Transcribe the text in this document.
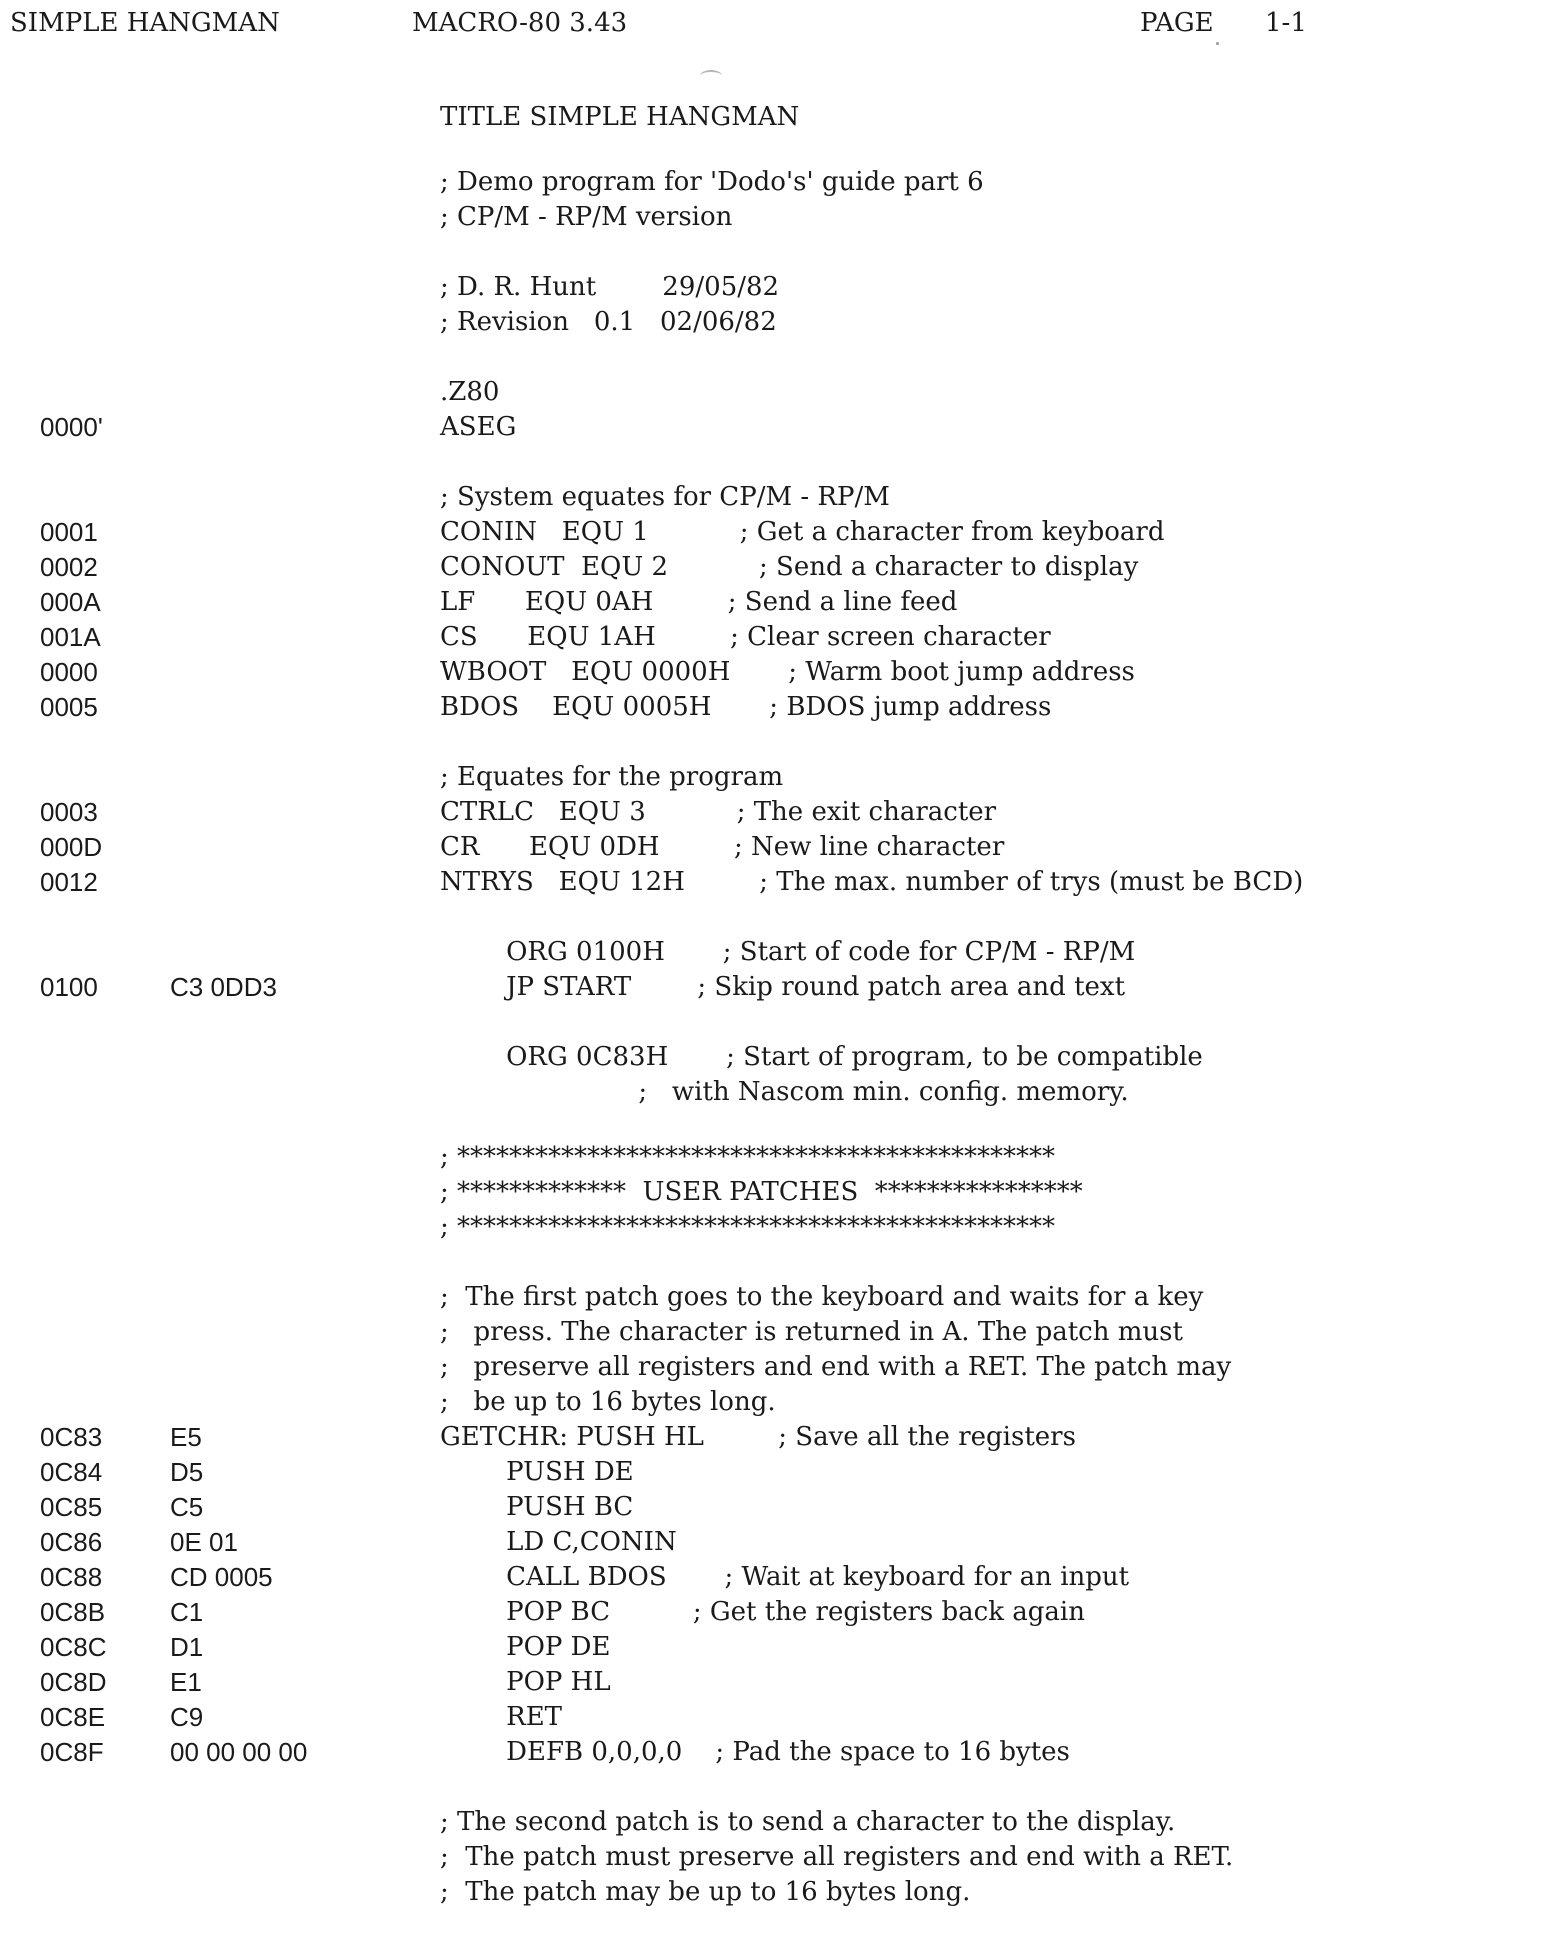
SIMPLE HANGMAN	MACRO-80 3.43	PAGE 1-1
TITLE SIMPLE HANGMAN
; Demo program for 'Dodo's' guide part 6
; CP/M - RP/M version
; D. R. Hunt        29/05/82
; Revision   0.1   02/06/82
.Z80
0000'	ASEG
; System equates for CP/M - RP/M
0001	CONIN   EQU 1           ; Get a character from keyboard
0002	CONOUT  EQU 2           ; Send a character to display
000A	LF      EQU 0AH         ; Send a line feed
001A	CS      EQU 1AH         ; Clear screen character
0000	WBOOT   EQU 0000H       ; Warm boot jump address
0005	BDOS    EQU 0005H       ; BDOS jump address
; Equates for the program
0003	CTRLC   EQU 3           ; The exit character
000D	CR      EQU 0DH         ; New line character
0012	NTRYS   EQU 12H         ; The max. number of trys (must be BCD)
ORG 0100H       ; Start of code for CP/M - RP/M
0100	C3 0DD3	JP START        ; Skip round patch area and text
ORG 0C83H       ; Start of program, to be compatible
;   with Nascom min. config. memory.
; **********************************************
; *************  USER PATCHES  ****************
; **********************************************
;  The first patch goes to the keyboard and waits for a key
;   press. The character is returned in A. The patch must
;   preserve all registers and end with a RET. The patch may
;   be up to 16 bytes long.
0C83	E5	GETCHR: PUSH HL         ; Save all the registers
0C84	D5	PUSH DE
0C85	C5	PUSH BC
0C86	0E 01	LD C,CONIN
0C88	CD 0005	CALL BDOS       ; Wait at keyboard for an input
0C8B C1	POP BC          ; Get the registers back again
0C8C D1	POP DE
0C8D E1	POP HL
0C8E C9	RET
0C8F	00 00 00 00	DEFB 0,0,0,0    ; Pad the space to 16 bytes
; The second patch is to send a character to the display.
;  The patch must preserve all registers and end with a RET.
;  The patch may be up to 16 bytes long.
